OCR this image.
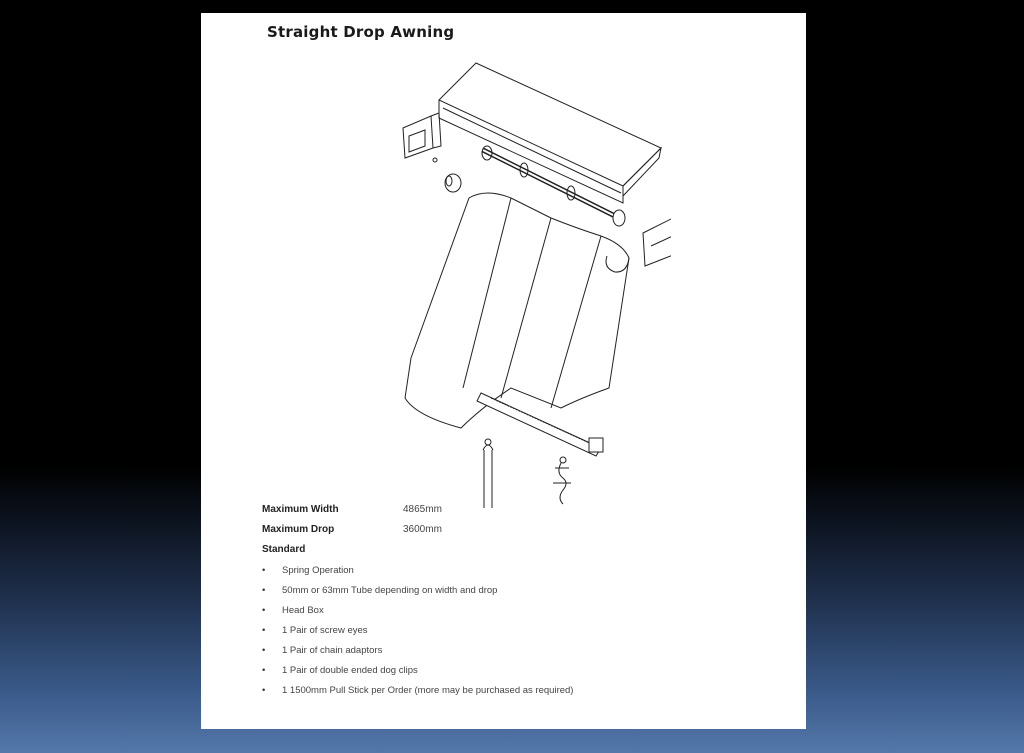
Straight Drop Awning
Maximum Width	4865mm
Maximum Drop	3600mm
Standard
• Spring Operation
• 50mm or 63mm Tube depending on width and drop
• Head Box
• 1 Pair of screw eyes
• 1 Pair of chain adaptors
• 1 Pair of double ended dog clips
• 1 1500mm Pull Stick per Order (more may be purchased as required)
